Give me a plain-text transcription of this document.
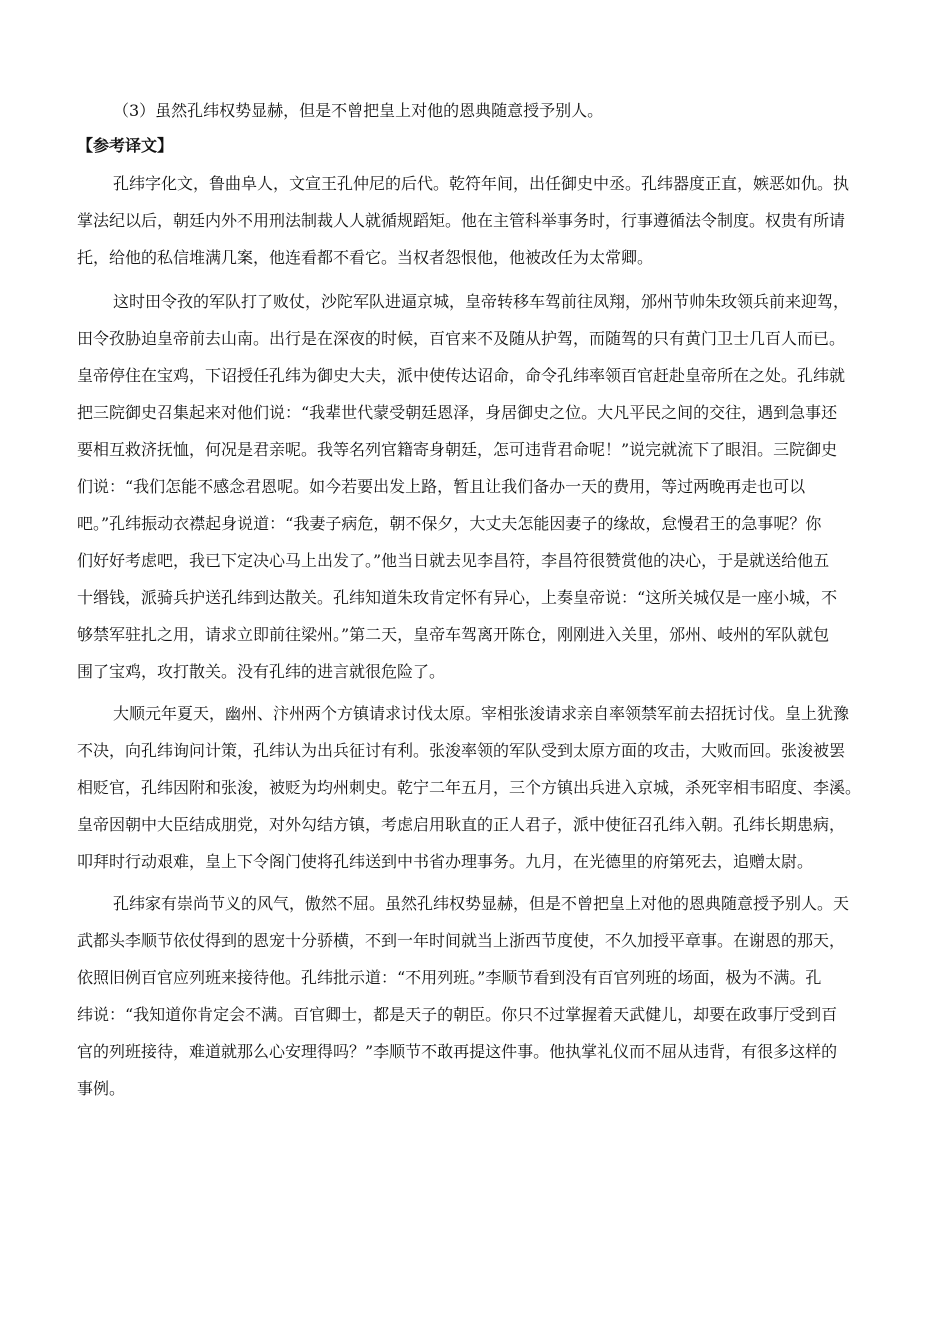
（3）虽然孔纬权势显赫，但是不曾把皇上对他的恩典随意授予别人。

【参考译文】

孔纬字化文，鲁曲阜人，文宣王孔仲尼的后代。乾符年间，出任御史中丞。孔纬器度正直，嫉恶如仇。执

掌法纪以后，朝廷内外不用刑法制裁人人就循规蹈矩。他在主管科举事务时，行事遵循法令制度。权贵有所请

托，给他的私信堆满几案，他连看都不看它。当权者怨恨他，他被改任为太常卿。

这时田令孜的军队打了败仗，沙陀军队进逼京城，皇帝转移车驾前往凤翔，邠州节帅朱玫领兵前来迎驾，

田令孜胁迫皇帝前去山南。出行是在深夜的时候，百官来不及随从护驾，而随驾的只有黄门卫士几百人而已。

皇帝停住在宝鸡，下诏授任孔纬为御史大夫，派中使传达诏命，命令孔纬率领百官赶赴皇帝所在之处。孔纬就

把三院御史召集起来对他们说：“我辈世代蒙受朝廷恩泽，身居御史之位。大凡平民之间的交往，遇到急事还

要相互救济抚恤，何况是君亲呢。我等名列官籍寄身朝廷，怎可违背君命呢！”说完就流下了眼泪。三院御史

们说：“我们怎能不感念君恩呢。如今若要出发上路，暂且让我们备办一天的费用，等过两晚再走也可以

吧。”孔纬振动衣襟起身说道：“我妻子病危，朝不保夕，大丈夫怎能因妻子的缘故，怠慢君王的急事呢？你

们好好考虑吧，我已下定决心马上出发了。”他当日就去见李昌符，李昌符很赞赏他的决心，于是就送给他五

十缗钱，派骑兵护送孔纬到达散关。孔纬知道朱玫肯定怀有异心，上奏皇帝说：“这所关城仅是一座小城，不

够禁军驻扎之用，请求立即前往梁州。”第二天，皇帝车驾离开陈仓，刚刚进入关里，邠州、岐州的军队就包

围了宝鸡，攻打散关。没有孔纬的进言就很危险了。

大顺元年夏天，幽州、汴州两个方镇请求讨伐太原。宰相张浚请求亲自率领禁军前去招抚讨伐。皇上犹豫

不决，向孔纬询问计策，孔纬认为出兵征讨有利。张浚率领的军队受到太原方面的攻击，大败而回。张浚被罢

相贬官，孔纬因附和张浚，被贬为均州刺史。乾宁二年五月，三个方镇出兵进入京城，杀死宰相韦昭度、李溪。

皇帝因朝中大臣结成朋党，对外勾结方镇，考虑启用耿直的正人君子，派中使征召孔纬入朝。孔纬长期患病，

叩拜时行动艰难，皇上下令阁门使将孔纬送到中书省办理事务。九月，在光德里的府第死去，追赠太尉。

孔纬家有崇尚节义的风气，傲然不屈。虽然孔纬权势显赫，但是不曾把皇上对他的恩典随意授予别人。天

武都头李顺节依仗得到的恩宠十分骄横，不到一年时间就当上浙西节度使，不久加授平章事。在谢恩的那天，

依照旧例百官应列班来接待他。孔纬批示道：“不用列班。”李顺节看到没有百官列班的场面，极为不满。孔

纬说：“我知道你肯定会不满。百官卿士，都是天子的朝臣。你只不过掌握着天武健儿，却要在政事厅受到百

官的列班接待，难道就那么心安理得吗？”李顺节不敢再提这件事。他执掌礼仪而不屈从违背，有很多这样的

事例。
